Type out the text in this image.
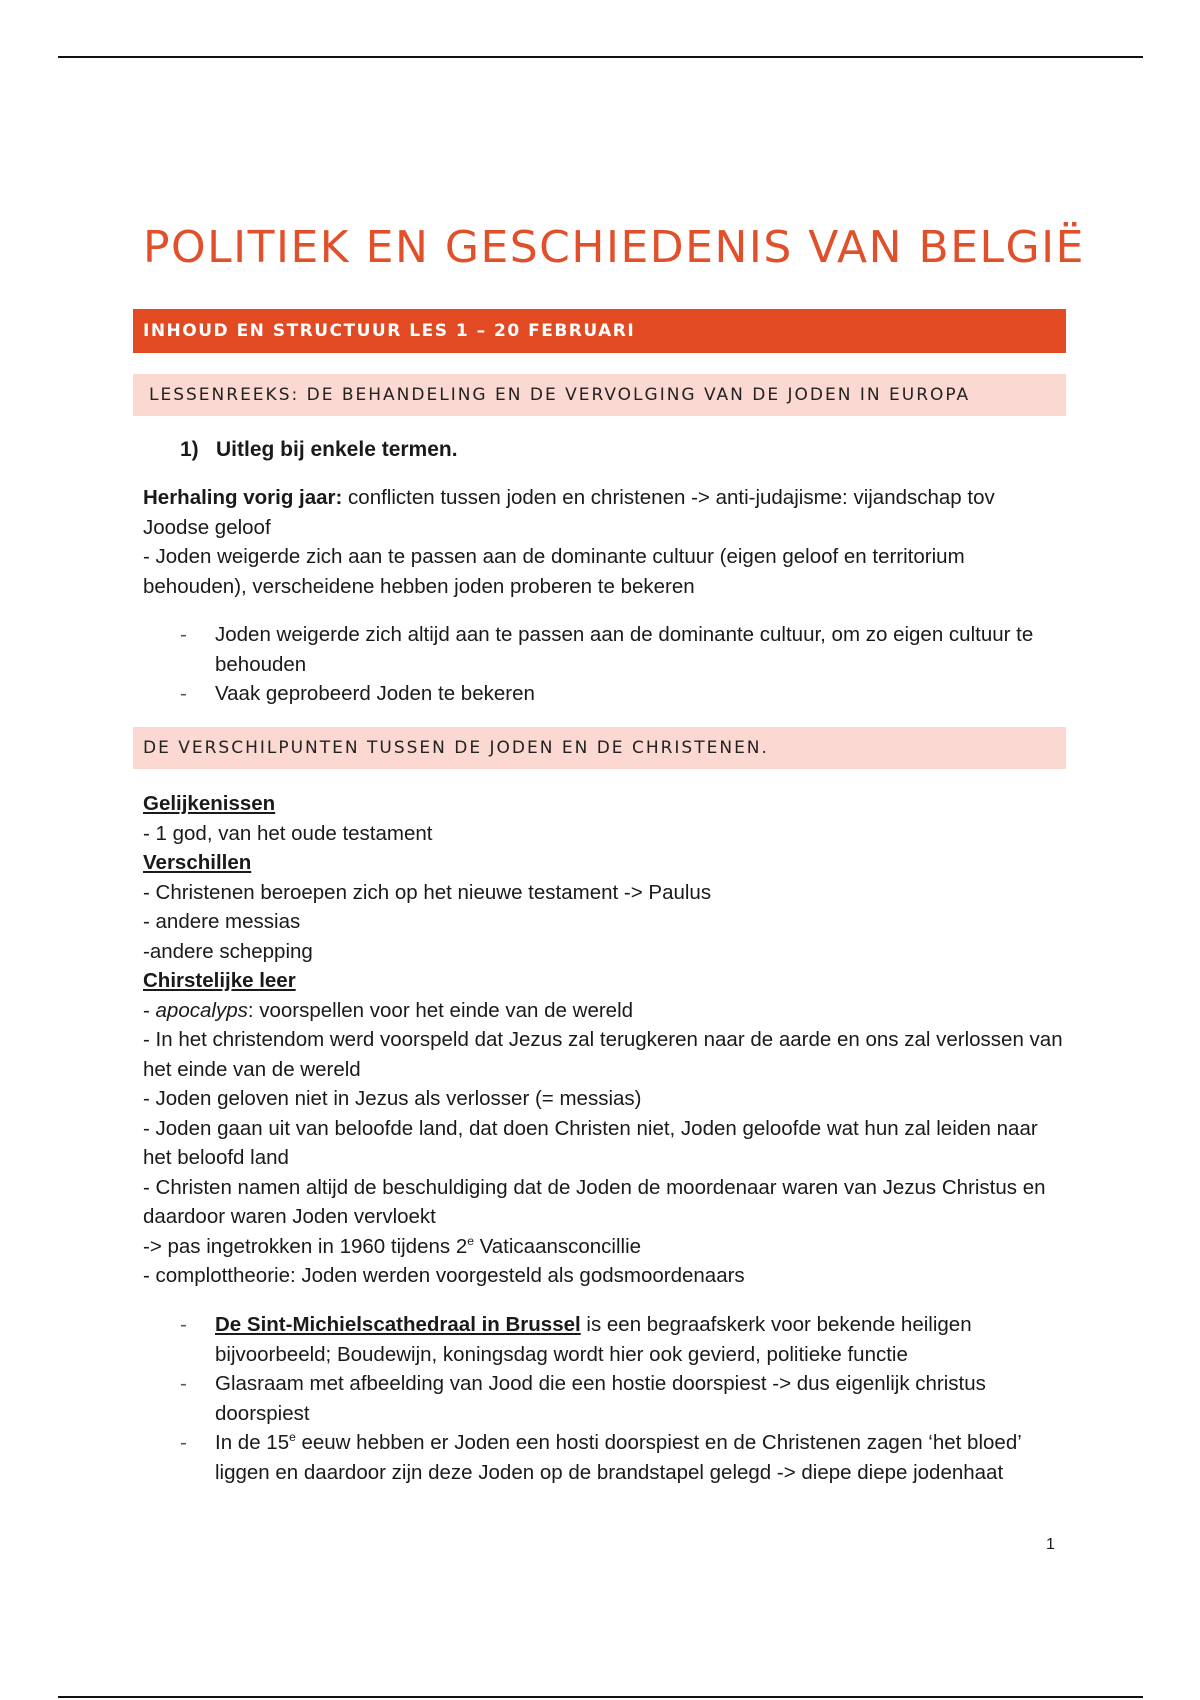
POLITIEK EN GESCHIEDENIS VAN BELGIË
INHOUD EN STRUCTUUR LES 1 – 20 FEBRUARI
LESSENREEKS: DE BEHANDELING EN DE VERVOLGING VAN DE JODEN IN EUROPA
1) Uitleg bij enkele termen.

Herhaling vorig jaar: conflicten tussen joden en christenen -> anti-judajisme: vijandschap tov Joodse geloof

- Joden weigerde zich aan te passen aan de dominante cultuur (eigen geloof en territorium behouden), verscheidene hebben joden proberen te bekeren

- Joden weigerde zich altijd aan te passen aan de dominante cultuur, om zo eigen cultuur te behouden
- Vaak geprobeerd Joden te bekeren
DE VERSCHILPUNTEN TUSSEN DE JODEN EN DE CHRISTENEN.

Gelijkenissen

- 1 god, van het oude testament

Verschillen

- Christenen beroepen zich op het nieuwe testament -> Paulus

- andere messias

-andere schepping

Chirstelijke leer

- apocalyps: voorspellen voor het einde van de wereld

- In het christendom werd voorspeld dat Jezus zal terugkeren naar de aarde en ons zal verlossen van het einde van de wereld

- Joden geloven niet in Jezus als verlosser (= messias)

- Joden gaan uit van beloofde land, dat doen Christen niet, Joden geloofde wat hun zal leiden naar het beloofd land

- Christen namen altijd de beschuldiging dat de Joden de moordenaar waren van Jezus Christus en daardoor waren Joden vervloekt

-> pas ingetrokken in 1960 tijdens 2e Vaticaansconcillie

- complottheorie: Joden werden voorgesteld als godsmoordenaars

- De Sint-Michielscathedraal in Brussel is een begraafskerk voor bekende heiligen bijvoorbeeld; Boudewijn, koningsdag wordt hier ook gevierd, politieke functie
- Glasraam met afbeelding van Jood die een hostie doorspiest -> dus eigenlijk christus doorspiest
- In de 15e eeuw hebben er Joden een hosti doorspiest en de Christenen zagen ‘het bloed’ liggen en daardoor zijn deze Joden op de brandstapel gelegd -> diepe diepe jodenhaat
1
